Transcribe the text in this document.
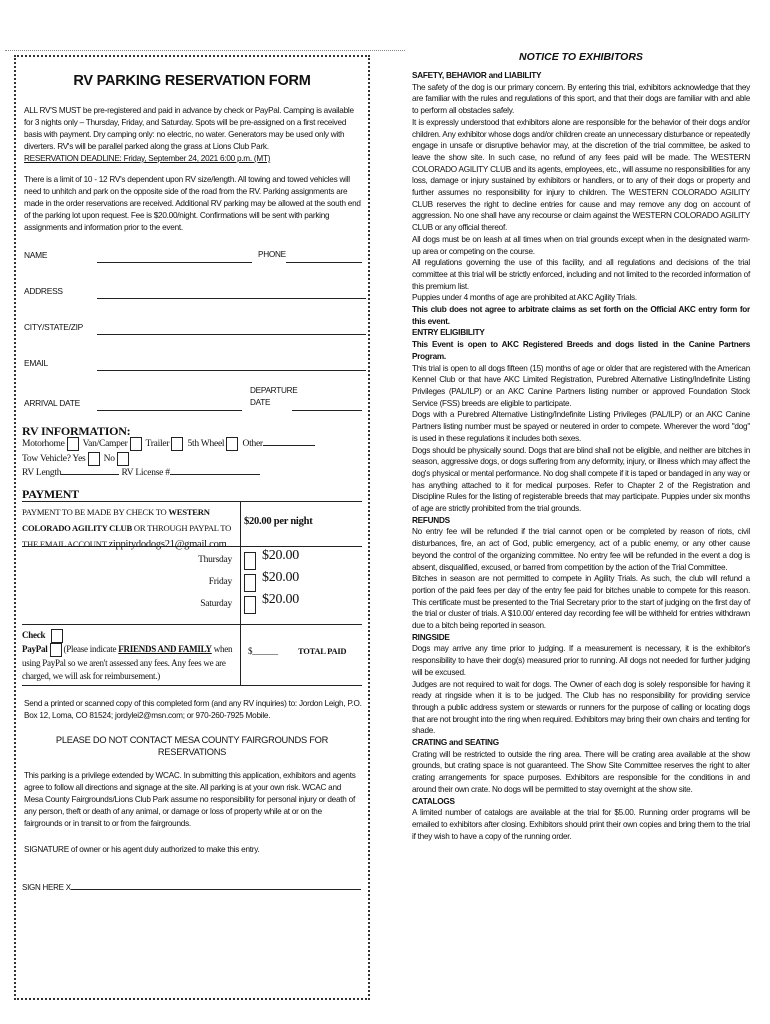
RV PARKING RESERVATION FORM

ALL RV'S MUST be pre-registered and paid in advance by check or PayPal. Camping is available for 3 nights only – Thursday, Friday, and Saturday. Spots will be pre-assigned on a first received basis with payment. Dry camping only: no electric, no water. Generators may be used only with diverters. RV's will be parallel parked along the grass at Lions Club Park.
RESERVATION DEADLINE: Friday, September 24, 2021 6:00 p.m. (MT)

There is a limit of 10 - 12 RV's dependent upon RV size/length. All towing and towed vehicles will need to unhitch and park on the opposite side of the road from the RV. Parking assignments are made in the order reservations are received. Additional RV parking may be allowed at the south end of the parking lot upon request. Fee is $20.00/night. Confirmations will be sent with parking assignments and information prior to the event.

NAME	PHONE
ADDRESS
CITY/STATE/ZIP
EMAIL
ARRIVAL DATE
DEPARTURE DATE
RV INFORMATION:
Motorhome Van/Camper Trailer 5th Wheel Other
Tow Vehicle? Yes No
RV Length	RV License #
PAYMENT
PAYMENT TO BE MADE BY CHECK TO WESTERN COLORADO AGILITY CLUB OR THROUGH PAYPAL TO THE EMAIL ACCOUNT zippitydodogs21@gmail.com
$20.00 per night
Thursday $20.00
Friday $20.00
Saturday $20.00
Check
PayPal (Please indicate FRIENDS AND FAMILY when using PayPal so we aren't assessed any fees. Any fees we are charged, we will ask for reimbursement.)
$______ TOTAL PAID

Send a printed or scanned copy of this completed form (and any RV inquiries) to: Jordon Leigh, P.O. Box 12, Loma, CO 81524; jordylei2@msn.com; or 970-260-7925 Mobile.

PLEASE DO NOT CONTACT MESA COUNTY FAIRGROUNDS FOR RESERVATIONS

This parking is a privilege extended by WCAC. In submitting this application, exhibitors and agents agree to follow all directions and signage at the site. All parking is at your own risk. WCAC and Mesa County Fairgrounds/Lions Club Park assume no responsibility for personal injury or death of any person, theft or death of any animal, or damage or loss of property while at or on the fairgrounds or in transit to or from the fairgrounds.

SIGNATURE of owner or his agent duly authorized to make this entry.

SIGN HERE X
NOTICE TO EXHIBITORS

SAFETY, BEHAVIOR and LIABILITY

The safety of the dog is our primary concern. By entering this trial, exhibitors acknowledge that they are familiar with the rules and regulations of this sport, and that their dogs are familiar with and able to perform all obstacles safely.

It is expressly understood that exhibitors alone are responsible for the behavior of their dogs and/or children. Any exhibitor whose dogs and/or children create an unnecessary disturbance or repeatedly engage in unsafe or disruptive behavior may, at the discretion of the trial committee, be asked to leave the show site. In such case, no refund of any fees paid will be made. The WESTERN COLORADO AGILITY CLUB and its agents, employees, etc., will assume no responsibilities for any loss, damage or injury sustained by exhibitors or handlers, or to any of their dogs or property and further assumes no responsibility for injury to children. The WESTERN COLORADO AGILITY CLUB reserves the right to decline entries for cause and may remove any dog on account of aggression. No one shall have any recourse or claim against the WESTERN COLORADO AGILITY CLUB or any official thereof.

All dogs must be on leash at all times when on trial grounds except when in the designated warm-up area or competing on the course.

All regulations governing the use of this facility, and all regulations and decisions of the trial committee at this trial will be strictly enforced, including and not limited to the recorded information of this premium list.

Puppies under 4 months of age are prohibited at AKC Agility Trials.

This club does not agree to arbitrate claims as set forth on the Official AKC entry form for this event.

ENTRY ELIGIBILITY

This Event is open to AKC Registered Breeds and dogs listed in the Canine Partners Program.

This trial is open to all dogs fifteen (15) months of age or older that are registered with the American Kennel Club or that have AKC Limited Registration, Purebred Alternative Listing/Indefinite Listing Privileges (PAL/ILP) or an AKC Canine Partners listing number or approved Foundation Stock Service (FSS) breeds are eligible to participate.

Dogs with a Purebred Alternative Listing/Indefinite Listing Privileges (PAL/ILP) or an AKC Canine Partners listing number must be spayed or neutered in order to compete. Wherever the word "dog" is used in these regulations it includes both sexes.

Dogs should be physically sound. Dogs that are blind shall not be eligible, and neither are bitches in season, aggressive dogs, or dogs suffering from any deformity, injury, or illness which may affect the dog's physical or mental performance. No dog shall compete if it is taped or bandaged in any way or has anything attached to it for medical purposes. Refer to Chapter 2 of the Registration and Discipline Rules for the listing of registerable breeds that may participate. Puppies under six months of age are strictly prohibited from the trial grounds.

REFUNDS

No entry fee will be refunded if the trial cannot open or be completed by reason of riots, civil disturbances, fire, an act of God, public emergency, act of a public enemy, or any other cause beyond the control of the organizing committee. No entry fee will be refunded in the event a dog is absent, disqualified, excused, or barred from competition by the action of the Trial Committee.

Bitches in season are not permitted to compete in Agility Trials. As such, the club will refund a portion of the paid fees per day of the entry fee paid for bitches unable to compete for this reason. This certificate must be presented to the Trial Secretary prior to the start of judging on the first day of the trial or cluster of trials. A $10.00/ entered day recording fee will be withheld for entries withdrawn due to a bitch being reported in season.

RINGSIDE

Dogs may arrive any time prior to judging. If a measurement is necessary, it is the exhibitor's responsibility to have their dog(s) measured prior to running. All dogs not needed for further judging will be excused.

Judges are not required to wait for dogs. The Owner of each dog is solely responsible for having it ready at ringside when it is to be judged. The Club has no responsibility for providing service through a public address system or stewards or runners for the purpose of calling or locating dogs that are not brought into the ring when required. Exhibitors may bring their own chairs and tenting for shade.

CRATING and SEATING

Crating will be restricted to outside the ring area. There will be crating area available at the show grounds, but crating space is not guaranteed. The Show Site Committee reserves the right to alter crating arrangements for space purposes. Exhibitors are responsible for the conditions in and around their own crate. No dogs will be permitted to stay overnight at the show site.

CATALOGS

A limited number of catalogs are available at the trial for $5.00. Running order programs will be emailed to exhibitors after closing. Exhibitors should print their own copies and bring them to the trial if they wish to have a copy of the running order.
